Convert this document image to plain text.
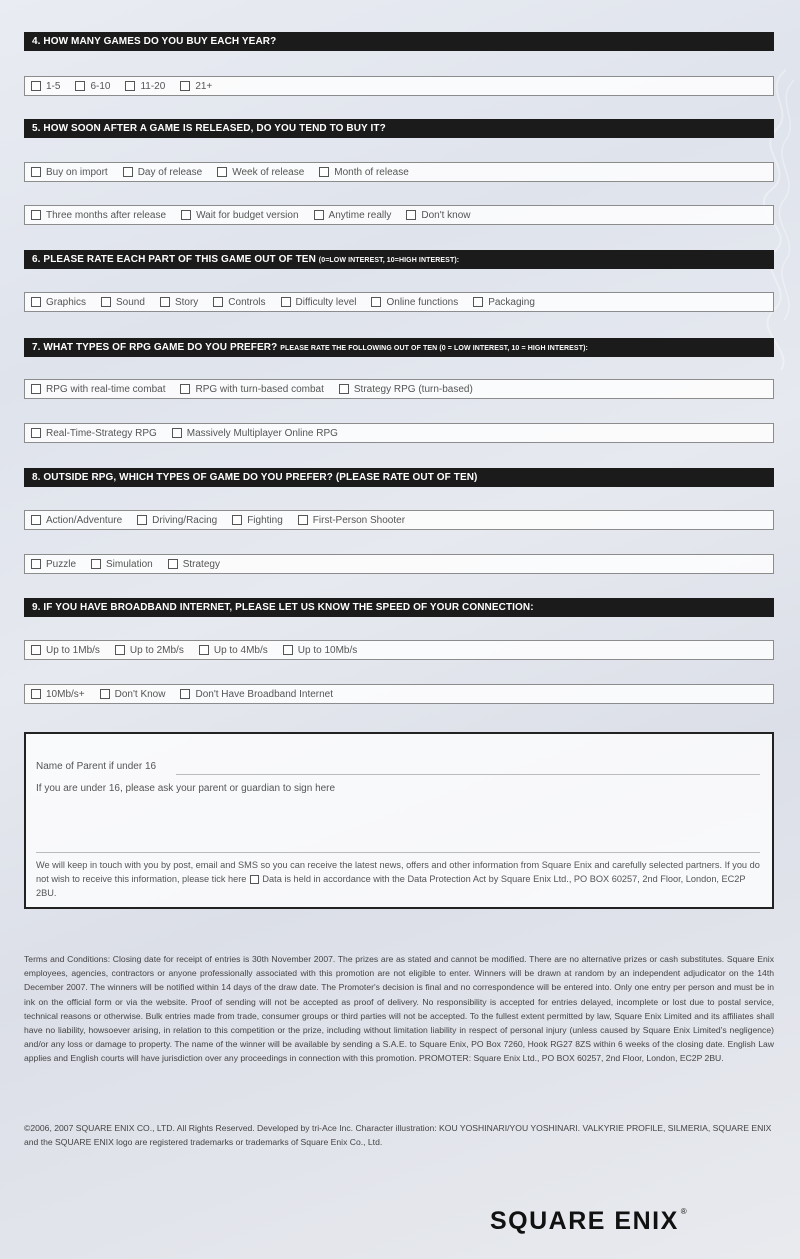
4. HOW MANY GAMES DO YOU BUY EACH YEAR?
1-5	6-10	11-20	21+
5. HOW SOON AFTER A GAME IS RELEASED, DO YOU TEND TO BUY IT?
Buy on import	Day of release	Week of release	Month of release
Three months after release	Wait for budget version	Anytime really	Don't know
6. PLEASE RATE EACH PART OF THIS GAME OUT OF TEN (0=LOW INTEREST, 10=HIGH INTEREST):
Graphics	Sound	Story	Controls	Difficulty level	Online functions	Packaging
7. WHAT TYPES OF RPG GAME DO YOU PREFER? PLEASE RATE THE FOLLOWING OUT OF TEN (0 = LOW INTEREST, 10 = HIGH INTEREST):
RPG with real-time combat	RPG with turn-based combat	Strategy RPG (turn-based)
Real-Time-Strategy RPG	Massively Multiplayer Online RPG
8. OUTSIDE RPG, WHICH TYPES OF GAME DO YOU PREFER? (PLEASE RATE OUT OF TEN)
Action/Adventure	Driving/Racing	Fighting	First-Person Shooter
Puzzle	Simulation	Strategy
9. IF YOU HAVE BROADBAND INTERNET, PLEASE LET US KNOW THE SPEED OF YOUR CONNECTION:
Up to 1Mb/s	Up to 2Mb/s	Up to 4Mb/s	Up to 10Mb/s
10Mb/s+	Don't Know	Don't Have Broadband Internet
Name of Parent if under 16
If you are under 16, please ask your parent or guardian to sign here
We will keep in touch with you by post, email and SMS so you can receive the latest news, offers and other information from Square Enix and carefully selected partners. If you do not wish to receive this information, please tick here Data is held in accordance with the Data Protection Act by Square Enix Ltd., PO BOX 60257, 2nd Floor, London, EC2P 2BU.
Terms and Conditions: Closing date for receipt of entries is 30th November 2007. The prizes are as stated and cannot be modified. There are no alternative prizes or cash substitutes. Square Enix employees, agencies, contractors or anyone professionally associated with this promotion are not eligible to enter. Winners will be drawn at random by an independent adjudicator on the 14th December 2007. The winners will be notified within 14 days of the draw date. The Promoter's decision is final and no correspondence will be entered into. Only one entry per person and must be in ink on the official form or via the website. Proof of sending will not be accepted as proof of delivery. No responsibility is accepted for entries delayed, incomplete or lost due to postal service, technical reasons or otherwise. Bulk entries made from trade, consumer groups or third parties will not be accepted. To the fullest extent permitted by law, Square Enix Limited and its affiliates shall have no liability, howsoever arising, in relation to this competition or the prize, including without limitation liability in respect of personal injury (unless caused by Square Enix Limited's negligence) and/or any loss or damage to property. The name of the winner will be available by sending a S.A.E. to Square Enix, PO Box 7260, Hook RG27 8ZS within 6 weeks of the closing date. English Law applies and English courts will have jurisdiction over any proceedings in connection with this promotion. PROMOTER: Square Enix Ltd., PO BOX 60257, 2nd Floor, London, EC2P 2BU.
©2006, 2007 SQUARE ENIX CO., LTD. All Rights Reserved. Developed by tri-Ace Inc. Character illustration: KOU YOSHINARI/YOU YOSHINARI. VALKYRIE PROFILE, SILMERIA, SQUARE ENIX and the SQUARE ENIX logo are registered trademarks or trademarks of Square Enix Co., Ltd.
SQUARE ENIX ®
